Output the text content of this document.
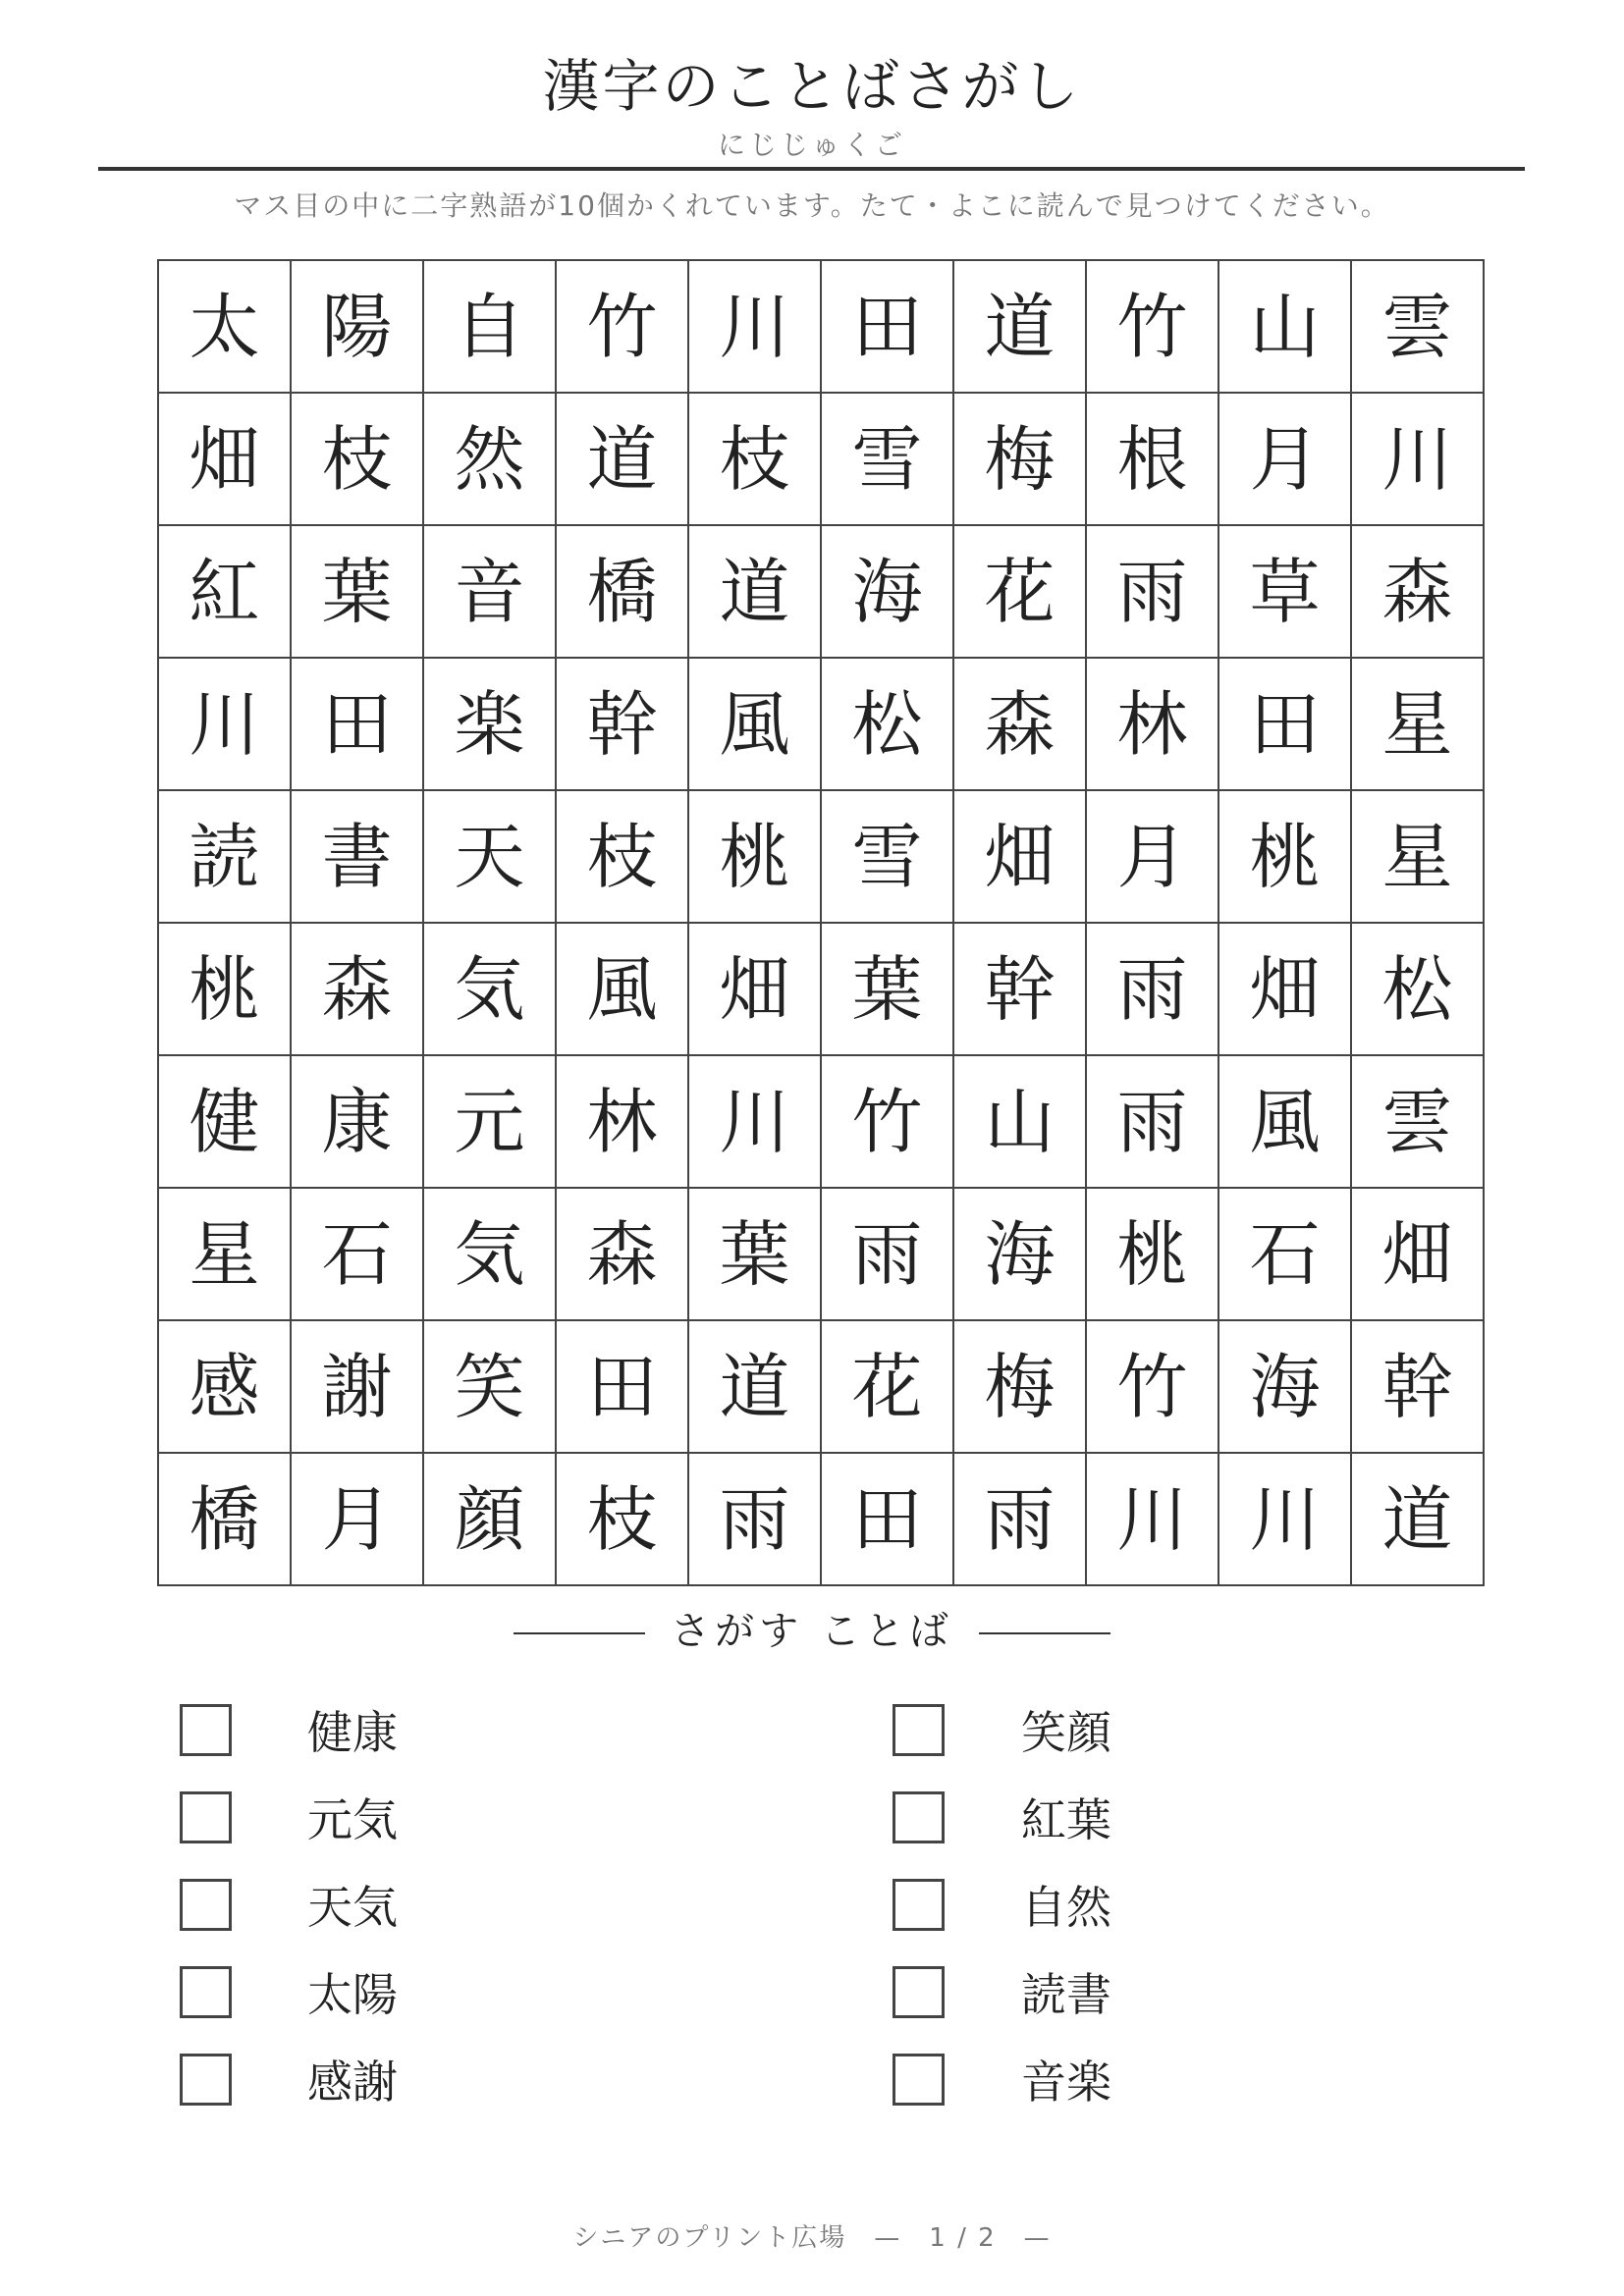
漢字のことばさがし
にじじゅくご
マス目の中に二字熟語が10個かくれています。たて・よこに読んで見つけてください。
太	陽	自	竹	川	田	道	竹	山	雲
畑	枝	然	道	枝	雪	梅	根	月	川
紅	葉	音	橋	道	海	花	雨	草	森
川	田	楽	幹	風	松	森	林	田	星
読	書	天	枝	桃	雪	畑	月	桃	星
桃	森	気	風	畑	葉	幹	雨	畑	松
健	康	元	林	川	竹	山	雨	風	雲
星	石	気	森	葉	雨	海	桃	石	畑
感	謝	笑	田	道	花	梅	竹	海	幹
橋	月	顔	枝	雨	田	雨	川	川	道
さがす ことば
健康
元気
天気
太陽
感謝
笑顔
紅葉
自然
読書
音楽
シニアのプリント広場　—　1 / 2　—
